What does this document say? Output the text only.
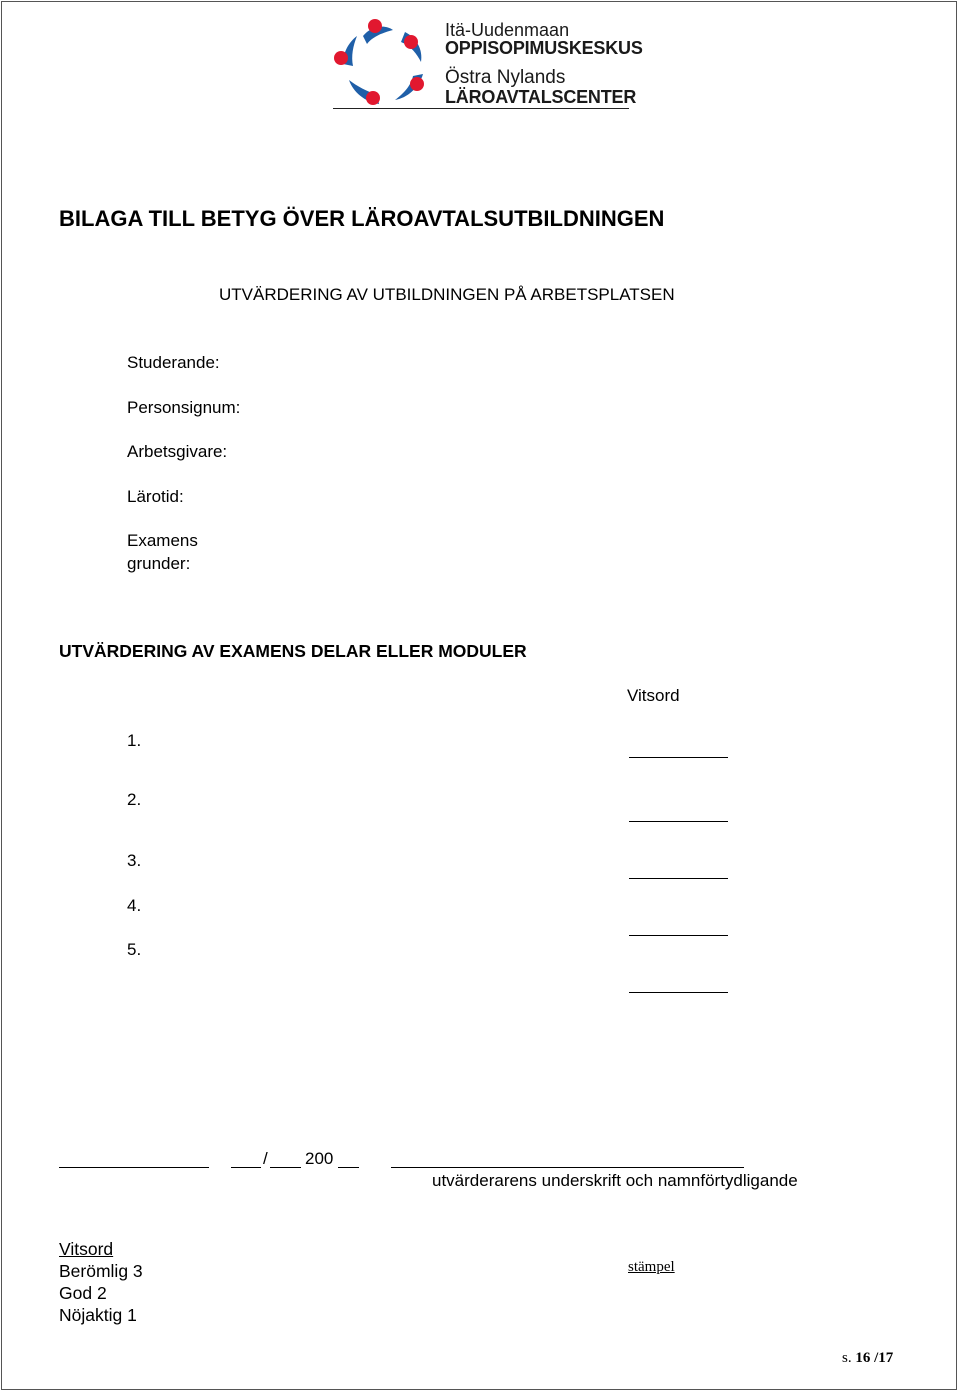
Itä-Uudenmaan
OPPISOPIMUSKESKUS
Östra Nylands
LÄROAVTALSCENTER
BILAGA TILL BETYG ÖVER LÄROAVTALSUTBILDNINGEN
UTVÄRDERING AV UTBILDNINGEN PÅ ARBETSPLATSEN
Studerande:
Personsignum:
Arbetsgivare:
Lärotid:
Examens grunder:
UTVÄRDERING AV EXAMENS DELAR ELLER MODULER
Vitsord
1.
2.
3.
4.
5.
/ 200
utvärderarens underskrift och namnförtydligande
Vitsord
Berömlig 3
God 2
Nöjaktig 1
stämpel
s. 16 /17
